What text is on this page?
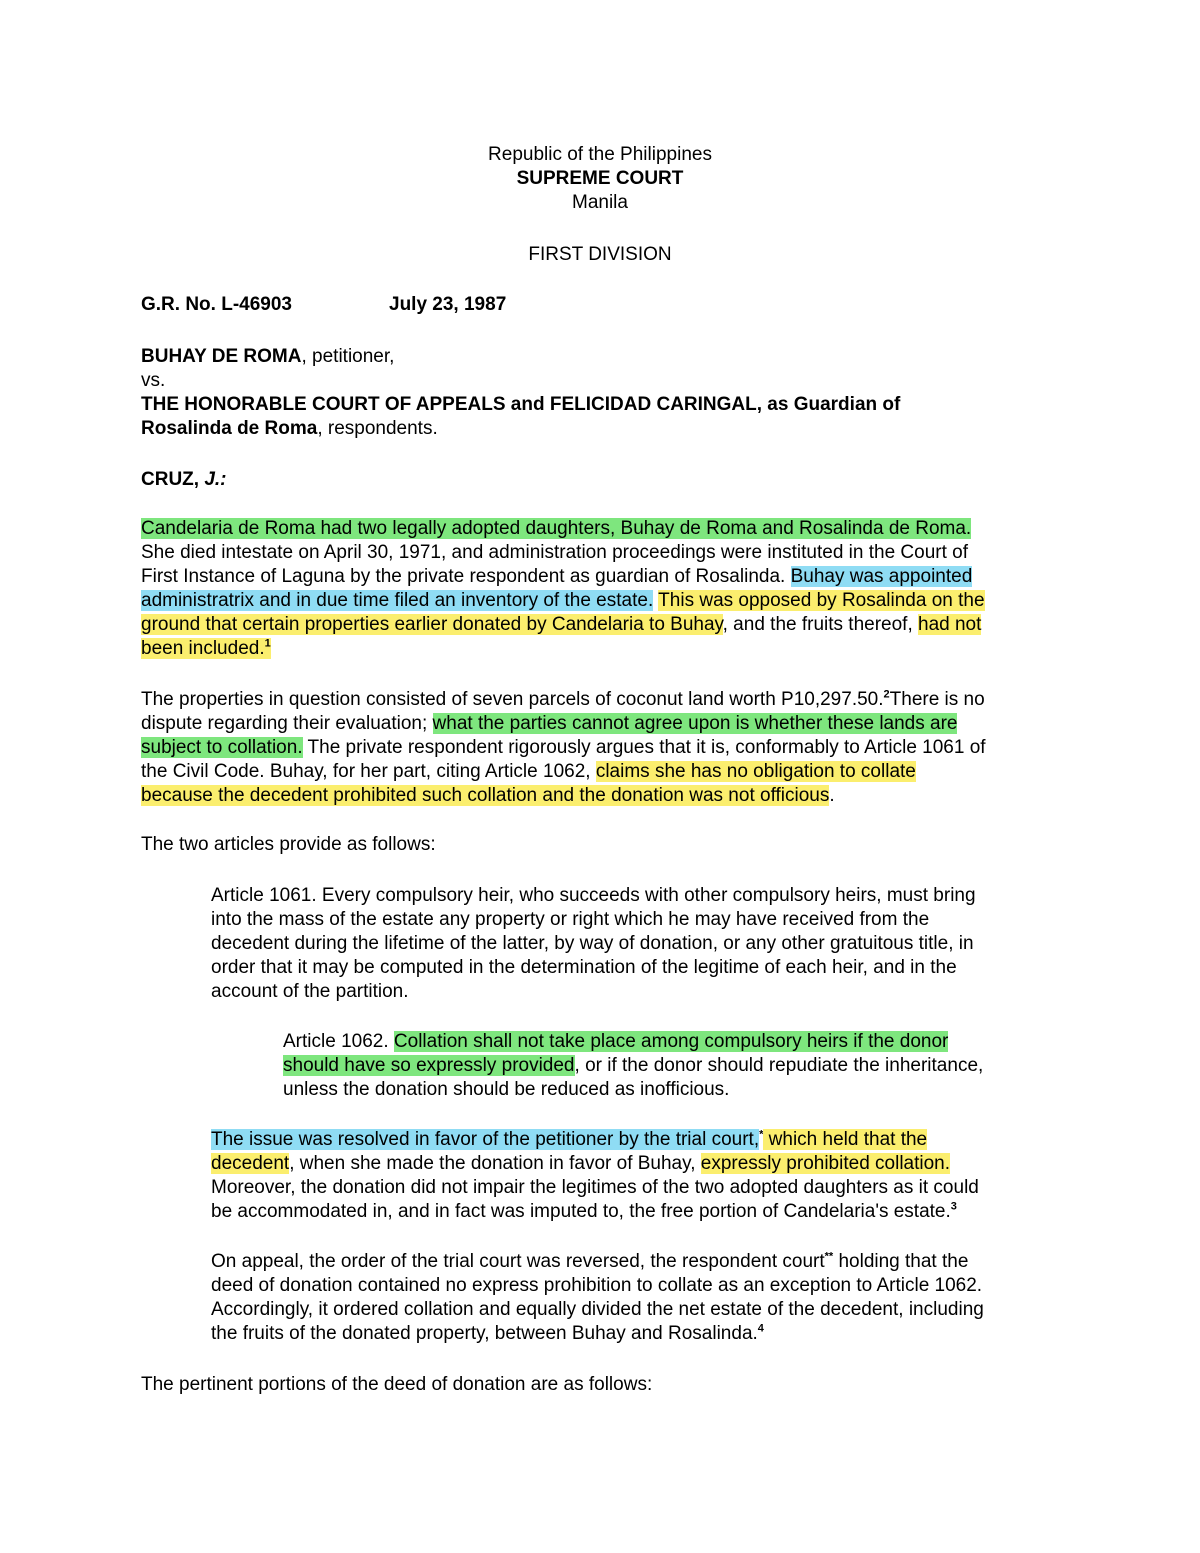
Republic of the Philippines
SUPREME COURT
Manila
FIRST DIVISION
G.R. No. L-46903	July 23, 1987
BUHAY DE ROMA, petitioner,
vs.
THE HONORABLE COURT OF APPEALS and FELICIDAD CARINGAL, as Guardian of
Rosalinda de Roma, respondents.
CRUZ, J.:
Candelaria de Roma had two legally adopted daughters, Buhay de Roma and Rosalinda de Roma.
She died intestate on April 30, 1971, and administration proceedings were instituted in the Court of
First Instance of Laguna by the private respondent as guardian of Rosalinda. Buhay was appointed
administratrix and in due time filed an inventory of the estate. This was opposed by Rosalinda on the
ground that certain properties earlier donated by Candelaria to Buhay, and the fruits thereof, had not
been included.$^1$
The properties in question consisted of seven parcels of coconut land worth P10,297.50.$^2$There is no
dispute regarding their evaluation; what the parties cannot agree upon is whether these lands are
subject to collation. The private respondent rigorously argues that it is, conformably to Article 1061 of
the Civil Code. Buhay, for her part, citing Article 1062, claims she has no obligation to collate
because the decedent prohibited such collation and the donation was not officious.
The two articles provide as follows:
Article 1061. Every compulsory heir, who succeeds with other compulsory heirs, must bring
into the mass of the estate any property or right which he may have received from the
decedent during the lifetime of the latter, by way of donation, or any other gratuitous title, in
order that it may be computed in the determination of the legitime of each heir, and in the
account of the partition.
Article 1062. Collation shall not take place among compulsory heirs if the donor
should have so expressly provided, or if the donor should repudiate the inheritance,
unless the donation should be reduced as inofficious.
The issue was resolved in favor of the petitioner by the trial court,* which held that the
decedent, when she made the donation in favor of Buhay, expressly prohibited collation.
Moreover, the donation did not impair the legitimes of the two adopted daughters as it could
be accommodated in, and in fact was imputed to, the free portion of Candelaria's estate.$^3$
On appeal, the order of the trial court was reversed, the respondent court** holding that the
deed of donation contained no express prohibition to collate as an exception to Article 1062.
Accordingly, it ordered collation and equally divided the net estate of the decedent, including
the fruits of the donated property, between Buhay and Rosalinda.$^4$
The pertinent portions of the deed of donation are as follows:
